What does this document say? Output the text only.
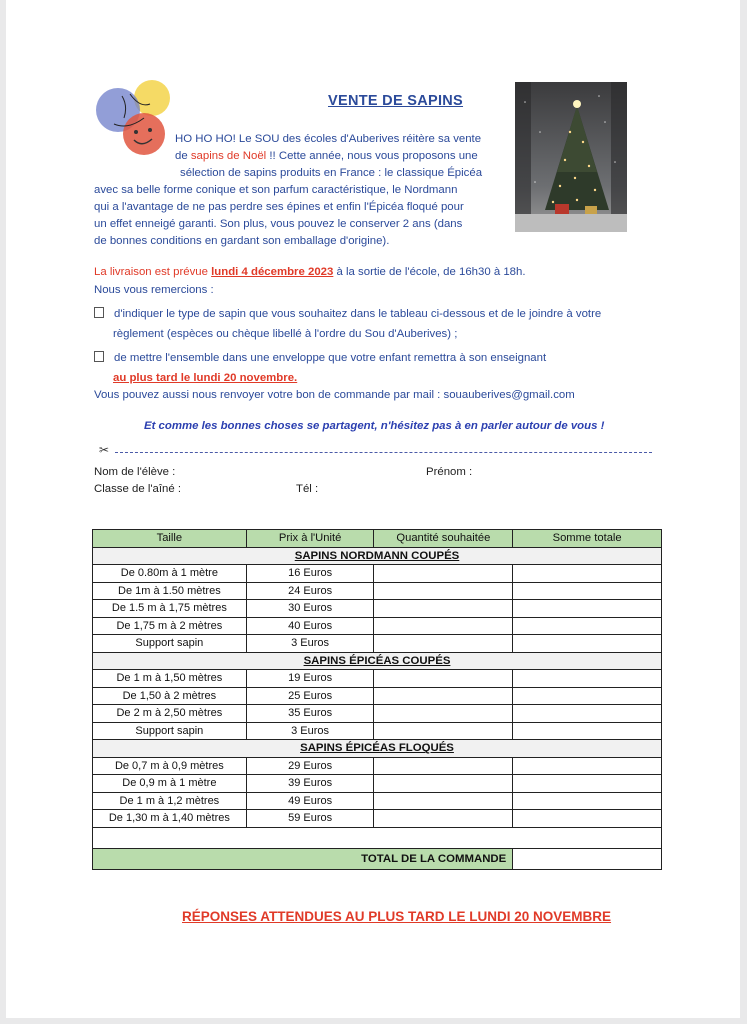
VENTE DE SAPINS
HO HO HO! Le SOU des écoles d'Auberives réitère sa vente
de sapins de Noël !! Cette année, nous vous proposons une
sélection de sapins produits en France : le classique Épicéa
avec sa belle forme conique et son parfum caractéristique, le Nordmann
qui a l'avantage de ne pas perdre ses épines et enfin l'Épicéa floqué pour
un effet enneigé garanti. Son plus, vous pouvez le conserver 2 ans (dans
de bonnes conditions en gardant son emballage d'origine).
La livraison est prévue lundi 4 décembre 2023 à la sortie de l'école, de 16h30 à 18h.
Nous vous remercions :
d'indiquer le type de sapin que vous souhaitez dans le tableau ci-dessous et de le joindre à votre
règlement (espèces ou chèque libellé à l'ordre du Sou d'Auberives) ;
de mettre l'ensemble dans une enveloppe que votre enfant remettra à son enseignant
au plus tard le lundi 20 novembre.
Vous pouvez aussi nous renvoyer votre bon de commande par mail : souauberives@gmail.com
Et comme les bonnes choses se partagent, n'hésitez pas à en parler autour de vous !
✂
Nom de l'élève :	Prénom :
Classe de l'aîné :	Tél :
Taille	Prix à l'Unité	Quantité souhaitée	Somme totale
SAPINS NORDMANN COUPÉS			
De 0.80m à 1 mètre	16 Euros		
De 1m à 1.50 mètres	24 Euros		
De 1.5 m à 1,75 mètres	30 Euros		
De 1,75 m à 2 mètres	40 Euros		
Support sapin	3 Euros		
SAPINS ÉPICÉAS COUPÉS			
De 1 m à 1,50 mètres	19 Euros		
De 1,50 à 2 mètres	25 Euros		
De 2 m à 2,50 mètres	35 Euros		
Support sapin	3 Euros		
SAPINS ÉPICÉAS FLOQUÉS			
De 0,7 m à 0,9 mètres	29 Euros		
De 0,9 m à 1 mètre	39 Euros		
De 1 m à 1,2 mètres	49 Euros		
De 1,30 m à 1,40 mètres	59 Euros		

TOTAL DE LA COMMANDE			
RÉPONSES ATTENDUES AU PLUS TARD LE LUNDI 20 NOVEMBRE
